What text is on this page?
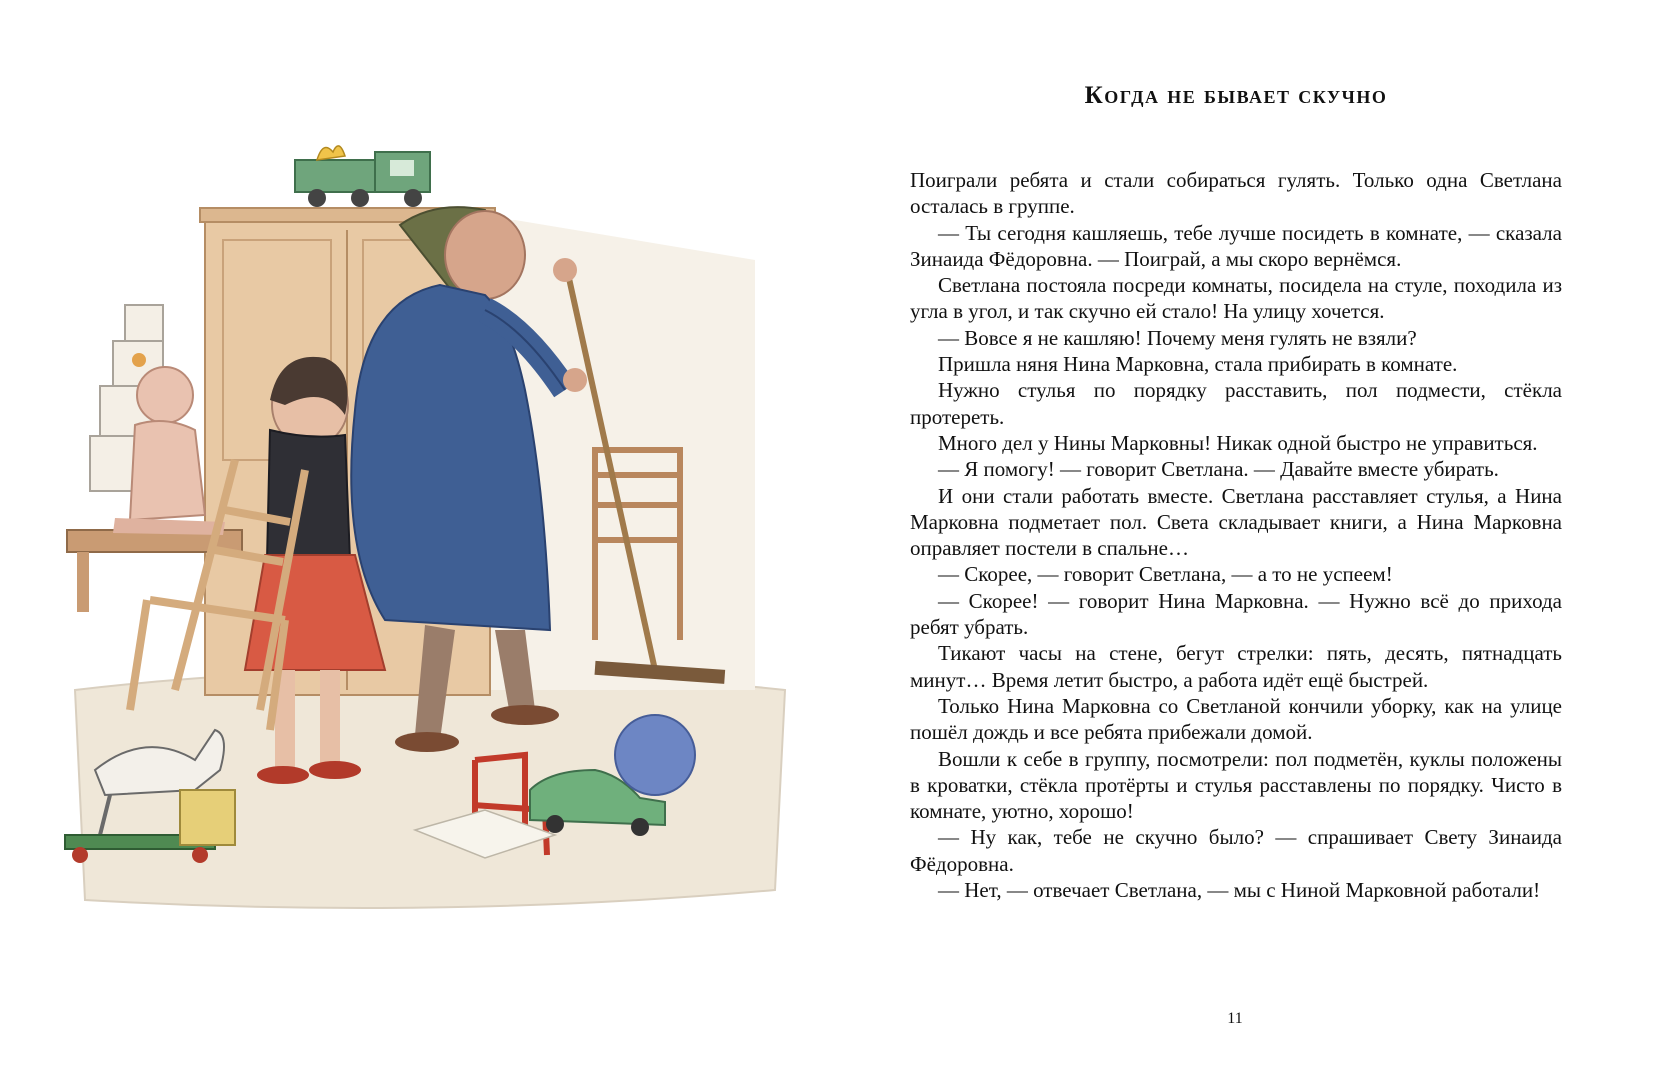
Когда не бывает скучно

Поиграли ребята и стали собираться гулять. Только одна Светлана осталась в группе.

— Ты сегодня кашляешь, тебе лучше посидеть в комнате, — сказала Зинаида Фёдоровна. — Поиграй, а мы скоро вернёмся.

Светлана постояла посреди комнаты, посидела на стуле, походила из угла в угол, и так скучно ей стало! На улицу хочется.

— Вовсе я не кашляю! Почему меня гулять не взяли?

Пришла няня Нина Марковна, стала прибирать в комнате.

Нужно стулья по порядку расставить, пол подмести, стёкла протереть.

Много дел у Нины Марковны! Никак одной быстро не управиться.

— Я помогу! — говорит Светлана. — Давайте вместе убирать.

И они стали работать вместе. Светлана расставляет стулья, а Нина Марковна подметает пол. Света складывает книги, а Нина Марковна оправляет постели в спальне…

— Скорее, — говорит Светлана, — а то не успеем!

— Скорее! — говорит Нина Марковна. — Нужно всё до прихода ребят убрать.

Тикают часы на стене, бегут стрелки: пять, десять, пятнадцать минут… Время летит быстро, а работа идёт ещё быстрей.

Только Нина Марковна со Светланой кончили уборку, как на улице пошёл дождь и все ребята прибежали домой.

Вошли к себе в группу, посмотрели: пол подметён, куклы положены в кроватки, стёкла протёрты и стулья расставлены по порядку. Чисто в комнате, уютно, хорошо!

— Ну как, тебе не скучно было? — спрашивает Свету Зинаида Фёдоровна.

— Нет, — отвечает Светлана, — мы с Ниной Марковной работали!

11
